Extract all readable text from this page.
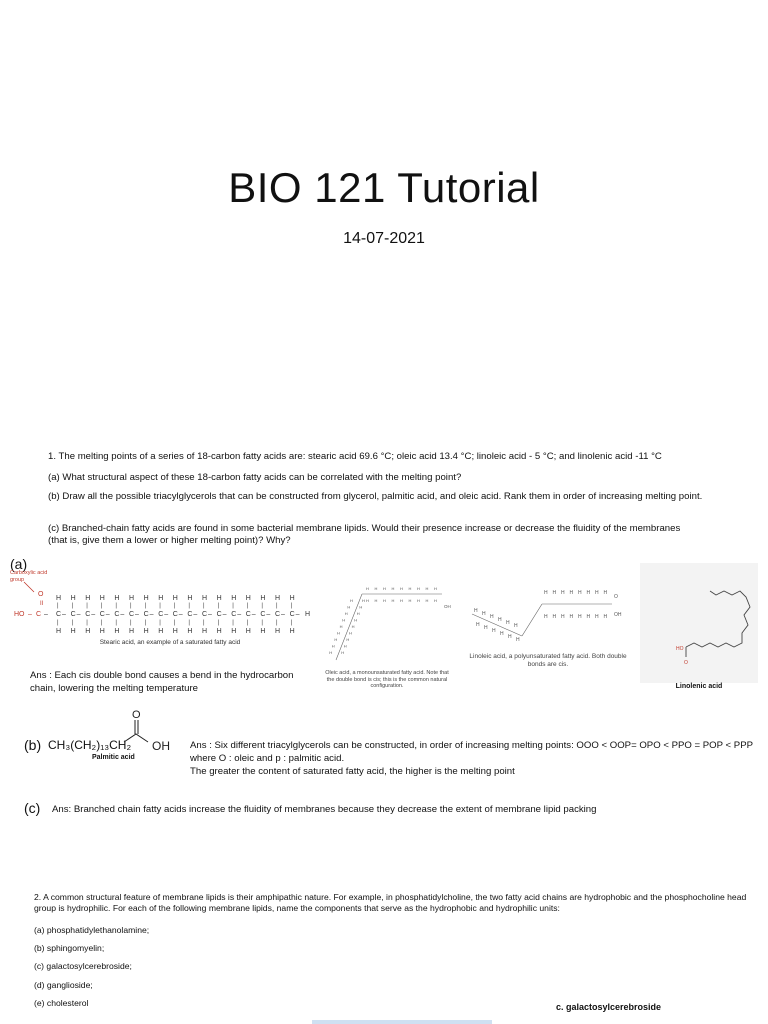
BIO 121 Tutorial
14-07-2021
1. The melting points of a series of 18-carbon fatty acids are: stearic acid 69.6 °C; oleic acid 13.4 °C; linoleic acid - 5 °C; and linolenic acid -11 °C
(a) What structural aspect of these 18-carbon fatty acids can be correlated with the melting point?
(b) Draw all the possible triacylglycerols that can be constructed from glycerol, palmitic acid, and oleic acid. Rank them in order of increasing melting point.
(c) Branched-chain fatty acids are found in some bacterial membrane lipids. Would their presence increase or decrease the fluidity of the membranes (that is, give them a lower or higher melting point)? Why?
(a)
Carboxylic acid group
O
II
HO
H
|
H
|
H
|
H
|
H
|
H
|
H
|
H
|
H
|
H
|
H
|
H
|
H
|
H
|
H
|
H
|
H
|
C – C – C – C – C – C – C – C – C – C – C – C – C – C – C – C – C –
– C –	H
|
H
|
H
|
H
|
H
|
H
|
H
|
H
|
H
|
H
|
H
|
H
|
H
|
H
|
H
|
H
|
H
|
H
Stearic acid, an example of a saturated fatty acid
H
H
H
H
H
H
H
H
H
H
H
H
H
H
H
H
H
H
H H
H H
H H
H H
H H
H H
H H
H H
H H
OH
Oleic acid, a monounsaturated fatty acid. Note that the double bond is cis; this is the common natural configuration.
H
H
H
H
H
H
H
H
H
H
H
H
H
H
H
H
H
H
H
H
H
H
H
H
H
H
H
H
O
OH
Linoleic acid, a polyunsaturated fatty acid. Both double bonds are cis.
HO
O
Linolenic acid
Ans : Each cis double bond causes a bend in the hydrocarbon chain, lowering the melting temperature
(b) CH₃(CH₂)₁₃CH₂
O
OH
Palmitic acid
Ans : Six different triacylglycerols can be constructed, in order of increasing melting points: OOO < OOP= OPO < PPO = POP < PPP where O : oleic and p : palmitic acid.
The greater the content of saturated fatty acid, the higher is the melting point
(c) Ans: Branched chain fatty acids increase the fluidity of membranes because they decrease the extent of membrane lipid packing
2. A common structural feature of membrane lipids is their amphipathic nature. For example, in phosphatidylcholine, the two fatty acid chains are hydrophobic and the phosphocholine head group is hydrophilic. For each of the following membrane lipids, name the components that serve as the hydrophobic and hydrophilic units:
(a) phosphatidylethanolamine;
(b) sphingomyelin;
(c) galactosylcerebroside;
(d) ganglioside;
(e) cholesterol	c. galactosylcerebroside
